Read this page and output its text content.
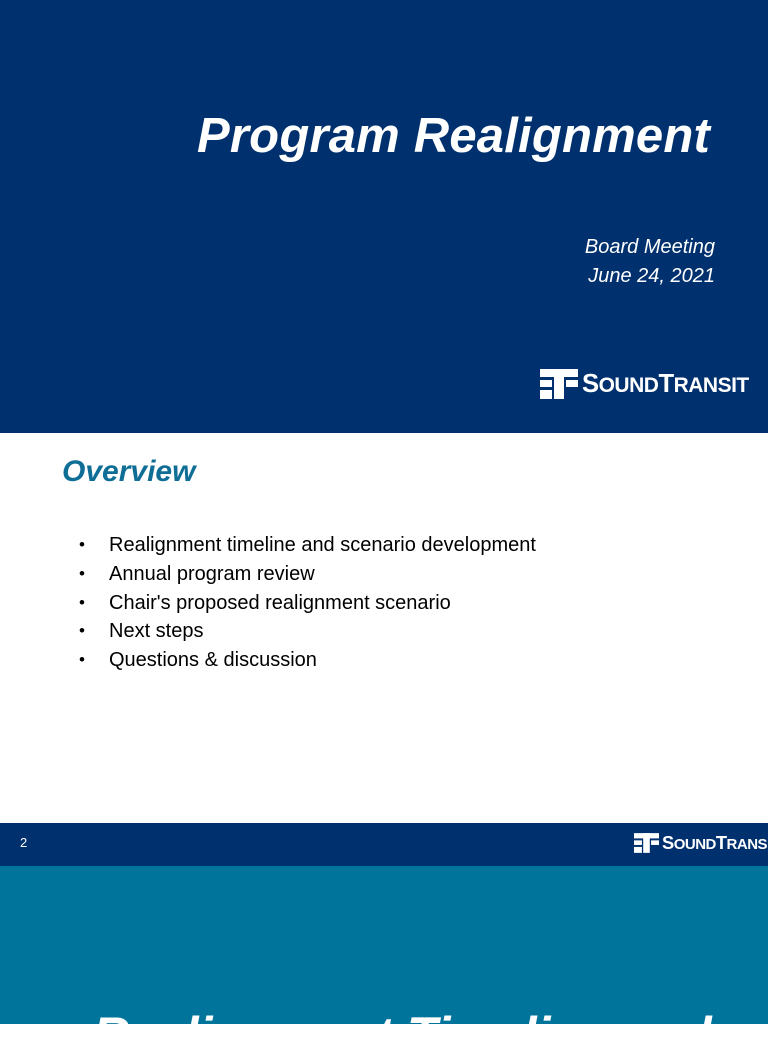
Program Realignment
Board Meeting
June 24, 2021
SOUNDTRANSIT
Overview
• Realignment timeline and scenario development
• Annual program review
• Chair's proposed realignment scenario
• Next steps
• Questions & discussion
2	SOUNDTRANSIT
Realignment Timeline and
